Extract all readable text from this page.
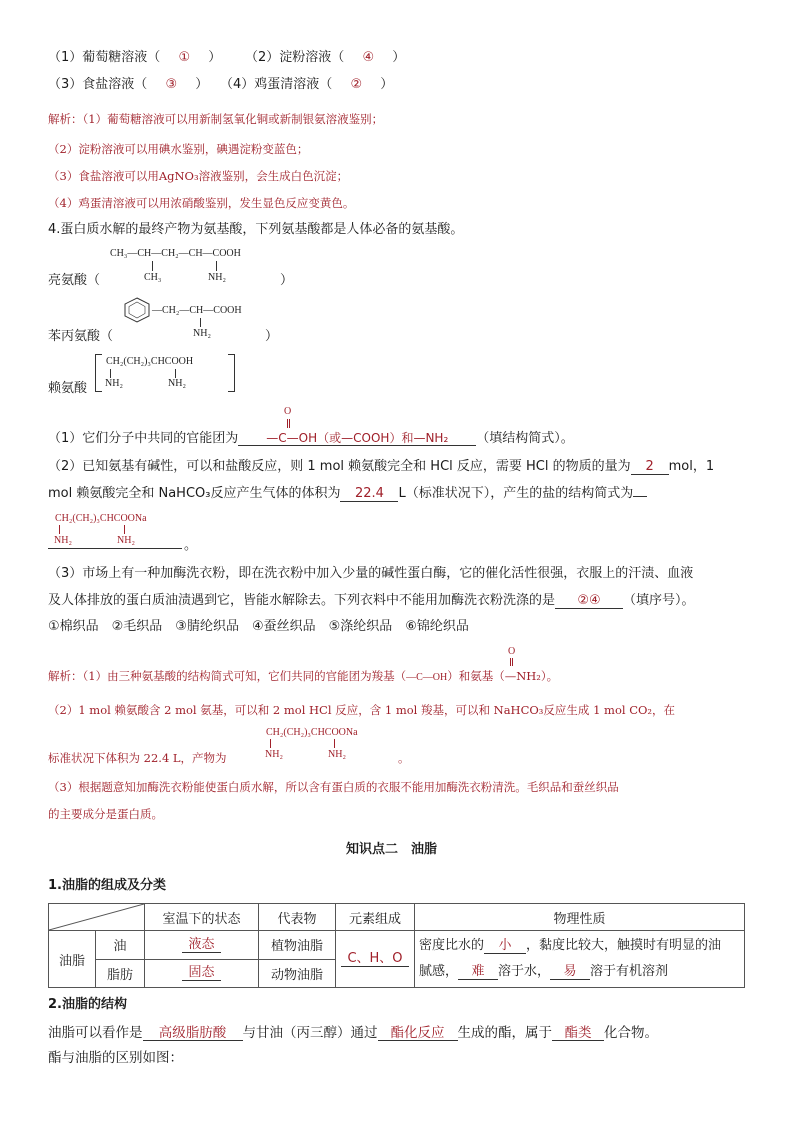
（1）葡萄糖溶液（ ① ） （2）淀粉溶液（ ④ ）
（3）食盐溶液（ ③ ） （4）鸡蛋清溶液（ ② ）
解析：（1）葡萄糖溶液可以用新制氢氧化铜或新制银氨溶液鉴别；
（2）淀粉溶液可以用碘水鉴别，碘遇淀粉变蓝色；
（3）食盐溶液可以用AgNO₃溶液鉴别，会生成白色沉淀；
（4）鸡蛋清溶液可以用浓硝酸鉴别，发生显色反应变黄色。
4.蛋白质水解的最终产物为氨基酸，下列氨基酸都是人体必备的氨基酸。
CH₃—CH—CH₂—CH—COOH
CH₃	NH₂
亮氨酸（	）
—CH₂—CH—COOH
NH₂
苯丙氨酸（	）
CH₂(CH₂)₃CHCOOH
NH₂	NH₂
赖氨酸
O
（1）它们分子中共同的官能团为 —C—OH（或—COOH）和—NH₂ （填结构简式）。
（2）已知氨基有碱性，可以和盐酸反应，则 1 mol 赖氨酸完全和 HCl 反应，需要 HCl 的物质的量为 2 mol，1
mol 赖氨酸完全和 NaHCO₃反应产生气体的体积为 22.4 L（标准状况下），产生的盐的结构简式为
CH₂(CH₂)₃CHCOONa
NH₂	NH₂	。
（3）市场上有一种加酶洗衣粉，即在洗衣粉中加入少量的碱性蛋白酶，它的催化活性很强，衣服上的汗渍、血液
及人体排放的蛋白质油渍遇到它，皆能水解除去。下列衣料中不能用加酶洗衣粉洗涤的是 ②④ （填序号）。
①棉织品　②毛织品　③腈纶织品　④蚕丝织品　⑤涤纶织品　⑥锦纶织品
O
解析：（1）由三种氨基酸的结构简式可知，它们共同的官能团为羧基（—C—OH）和氨基（—NH₂）。
（2）1 mol 赖氨酸含 2 mol 氨基，可以和 2 mol HCl 反应，含 1 mol 羧基，可以和 NaHCO₃反应生成 1 mol CO₂，在
CH₂(CH₂)₃CHCOONa
NH₂	NH₂
标准状况下体积为 22.4 L，产物为	。
（3）根据题意知加酶洗衣粉能使蛋白质水解，所以含有蛋白质的衣服不能用加酶洗衣粉清洗。毛织品和蚕丝织品
的主要成分是蛋白质。
知识点二　油脂
1.油脂的组成及分类
	室温下的状态	代表物	元素组成	物理性质
油脂	油	液态	植物油脂	C、H、O	密度比水的 小 ，黏度比较大，触摸时有明显的油
腻感， 难 溶于水， 易 溶于有机溶剂
	脂肪	固态	动物油脂		
2.油脂的结构
油脂可以看作是 高级脂肪酸 与甘油（丙三醇）通过 酯化反应 生成的酯，属于 酯类 化合物。
酯与油脂的区别如图：
